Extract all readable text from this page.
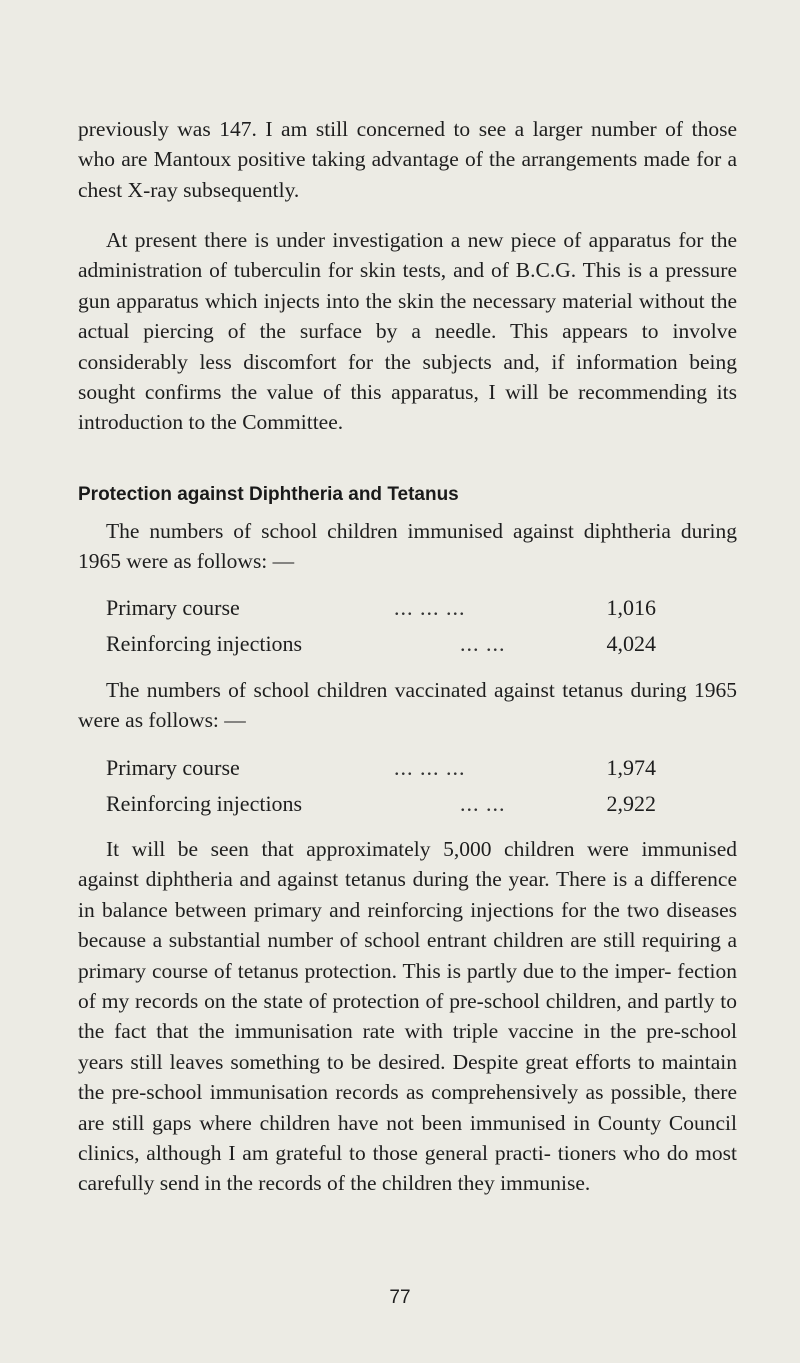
previously was 147. I am still concerned to see a larger number of those who are Mantoux positive taking advantage of the arrangements made for a chest X-ray subsequently.

At present there is under investigation a new piece of apparatus for the administration of tuberculin for skin tests, and of B.C.G. This is a pressure gun apparatus which injects into the skin the necessary material without the actual piercing of the surface by a needle. This appears to involve considerably less discomfort for the subjects and, if information being sought confirms the value of this apparatus, I will be recommending its introduction to the Committee.

Protection against Diphtheria and Tetanus

The numbers of school children immunised against diphtheria during 1965 were as follows: —

Primary course	... ... ...	1,016
Reinforcing injections	... ...	4,024

The numbers of school children vaccinated against tetanus during 1965 were as follows: —

Primary course	... ... ...	1,974
Reinforcing injections	... ...	2,922

It will be seen that approximately 5,000 children were immunised against diphtheria and against tetanus during the year. There is a difference in balance between primary and reinforcing injections for the two diseases because a substantial number of school entrant children are still requiring a primary course of tetanus protection. This is partly due to the imper- fection of my records on the state of protection of pre-school children, and partly to the fact that the immunisation rate with triple vaccine in the pre-school years still leaves something to be desired. Despite great efforts to maintain the pre-school immunisation records as comprehensively as possible, there are still gaps where children have not been immunised in County Council clinics, although I am grateful to those general practi- tioners who do most carefully send in the records of the children they immunise.

77
